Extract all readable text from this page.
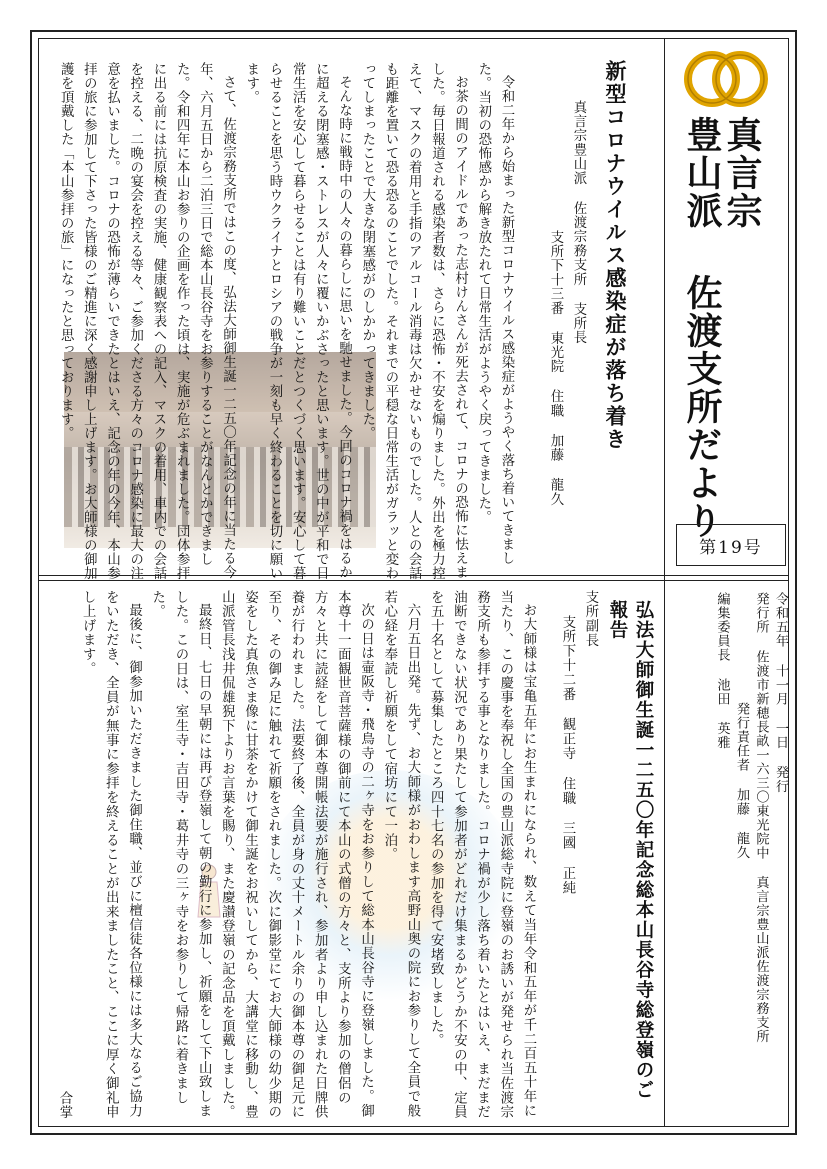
真言宗
豊山派 佐渡支所だより
第19号
新型コロナウイルス感染症が落ち着き
真言宗豊山派 佐渡宗務支所 支所長
支所下十三番 東光院 住職 加藤 龍久
令和二年から始まった新型コロナウイルス感染症がようやく落ち着いてきました。当初の恐怖感から解き放たれて日常生活がようやく戻ってきました。
お茶の間のアイドルであった志村けんさんが死去されて、コロナの恐怖に怯えました。毎日報道される感染者数は、さらに恐怖・不安を煽りました。外出を極力控えて、マスクの着用と手指のアルコール消毒は欠かせないものでした。人との会話も距離を置いて恐る恐るのことでした。それまでの平穏な日常生活がガラッと変わってしまったことで大きな閉塞感がのしかかってきました。
そんな時に戦時中の人々の暮らしに思いを馳せました。今回のコロナ禍をはるかに超える閉塞感・ストレスが人々に覆いかぶさったと思います。世の中が平和で日常生活を安心して暮らせることは有り難いことだとつくづく思います。安心して暮らせることを思う時ウクライナとロシアの戦争が一刻も早く終わることを切に願います。
さて、佐渡宗務支所ではこの度、弘法大師御生誕一二五〇年記念の年に当たる今年、六月五日から二泊三日で総本山長谷寺をお参りすることがなんとかできました。令和四年に本山お参りの企画を作った頃は、実施が危ぶまれました。団体参拝に出る前には抗原検査の実施、健康観察表への記入、マスクの着用、車内での会話を控える、二晩の宴会を控える等々、ご参加くださる方々のコロナ感染に最大の注意を払いました。コロナの恐怖が薄らいできたとはいえ、記念の年の今年、本山参拝の旅に参加して下さった皆様のご精進に深く感謝申し上げます。お大師様の御加護を頂戴した「本山参拝の旅」になったと思っております。
弘法大師御生誕一二五〇年記念総本山長谷寺総登嶺のご報告
支所副長
支所下十二番 観正寺 住職 三國 正純
お大師様は宝亀五年にお生まれになられ、数えて当年令和五年が千二百五十年に当たり、この慶事を奉祝し全国の豊山派総寺院に登嶺のお誘いが発せられ当佐渡宗務支所も参拝する事となりました。コロナ禍が少し落ち着いたとはいえ、まだまだ油断できない状況であり果たして参加者がどれだけ集まるかどうか不安の中、定員を五十名として募集したところ四十七名の参加を得て安堵致しました。
六月五日出発。先ず、お大師様がおわします高野山奥の院にお参りして全員で般若心経を奉読し祈願をして宿坊にて一泊。
次の日は壷阪寺・飛鳥寺の二ヶ寺をお参りして総本山長谷寺に登嶺しました。御本尊十一面観世音菩薩様の御前にて本山の式僧の方々と、支所より参加の僧侶の方々と共に読経をして御本尊開帳法要が施行され、参加者より申し込まれた日牌供養が行われました。法要終了後、全員が身の丈十メートル余りの御本尊の御足元に至り、その御み足に触れて祈願をされました。次に御影堂にてお大師様の幼少期の姿をした真魚さま像に甘茶をかけて御生誕をお祝いしてから、大講堂に移動し、豊山派管長浅井侃雄猊下よりお言葉を賜り、また慶讃登嶺の記念品を頂戴しました。
最終日、七日の早朝には再び登嶺して朝の勤行に参加し、祈願をして下山致しました。この日は、室生寺・吉田寺・葛井寺の三ヶ寺をお参りして帰路に着きました。
最後に、御参加いただきました御住職、並びに檀信徒各位様には多大なるご協力をいただき、全員が無事に参拝を終えることが出来ましたこと、ここに厚く御礼申し上げます。
合掌
令和五年 十一月 一日 発行
発行所 佐渡市新穂長畝一六三〇東光院中 真言宗豊山派佐渡宗務支所
発行責任者 加藤 龍久
編集委員長 池田 英雅
